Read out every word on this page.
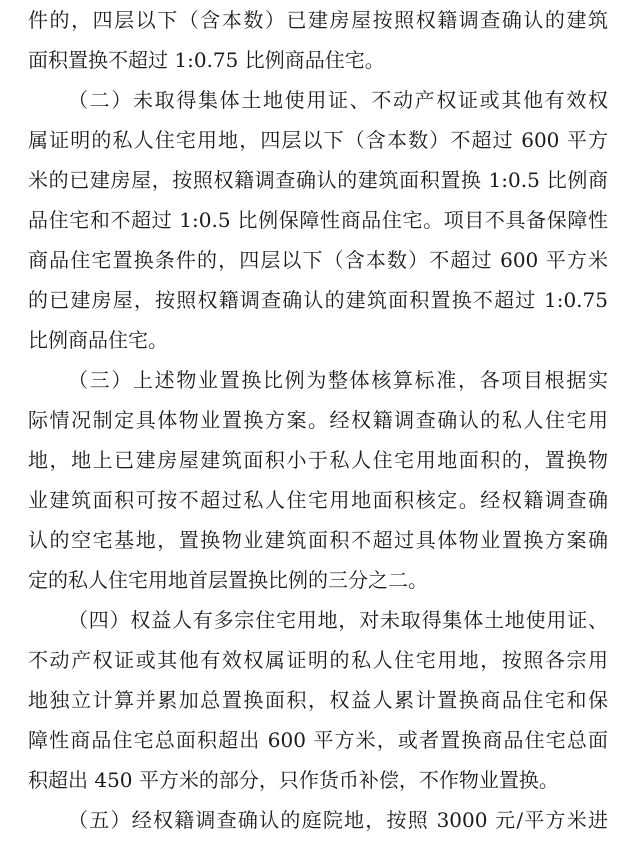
件的，四层以下（含本数）已建房屋按照权籍调查确认的建筑
面积置换不超过 1:0.75 比例商品住宅。
（二）未取得集体土地使用证、不动产权证或其他有效权
属证明的私人住宅用地，四层以下（含本数）不超过 600 平方
米的已建房屋，按照权籍调查确认的建筑面积置换 1:0.5 比例商
品住宅和不超过 1:0.5 比例保障性商品住宅。项目不具备保障性
商品住宅置换条件的，四层以下（含本数）不超过 600 平方米
的已建房屋，按照权籍调查确认的建筑面积置换不超过 1:0.75
比例商品住宅。
（三）上述物业置换比例为整体核算标准，各项目根据实
际情况制定具体物业置换方案。经权籍调查确认的私人住宅用
地，地上已建房屋建筑面积小于私人住宅用地面积的，置换物
业建筑面积可按不超过私人住宅用地面积核定。经权籍调查确
认的空宅基地，置换物业建筑面积不超过具体物业置换方案确
定的私人住宅用地首层置换比例的三分之二。
（四）权益人有多宗住宅用地，对未取得集体土地使用证、
不动产权证或其他有效权属证明的私人住宅用地，按照各宗用
地独立计算并累加总置换面积，权益人累计置换商品住宅和保
障性商品住宅总面积超出 600 平方米，或者置换商品住宅总面
积超出 450 平方米的部分，只作货币补偿，不作物业置换。
（五）经权籍调查确认的庭院地，按照 3000 元/平方米进
